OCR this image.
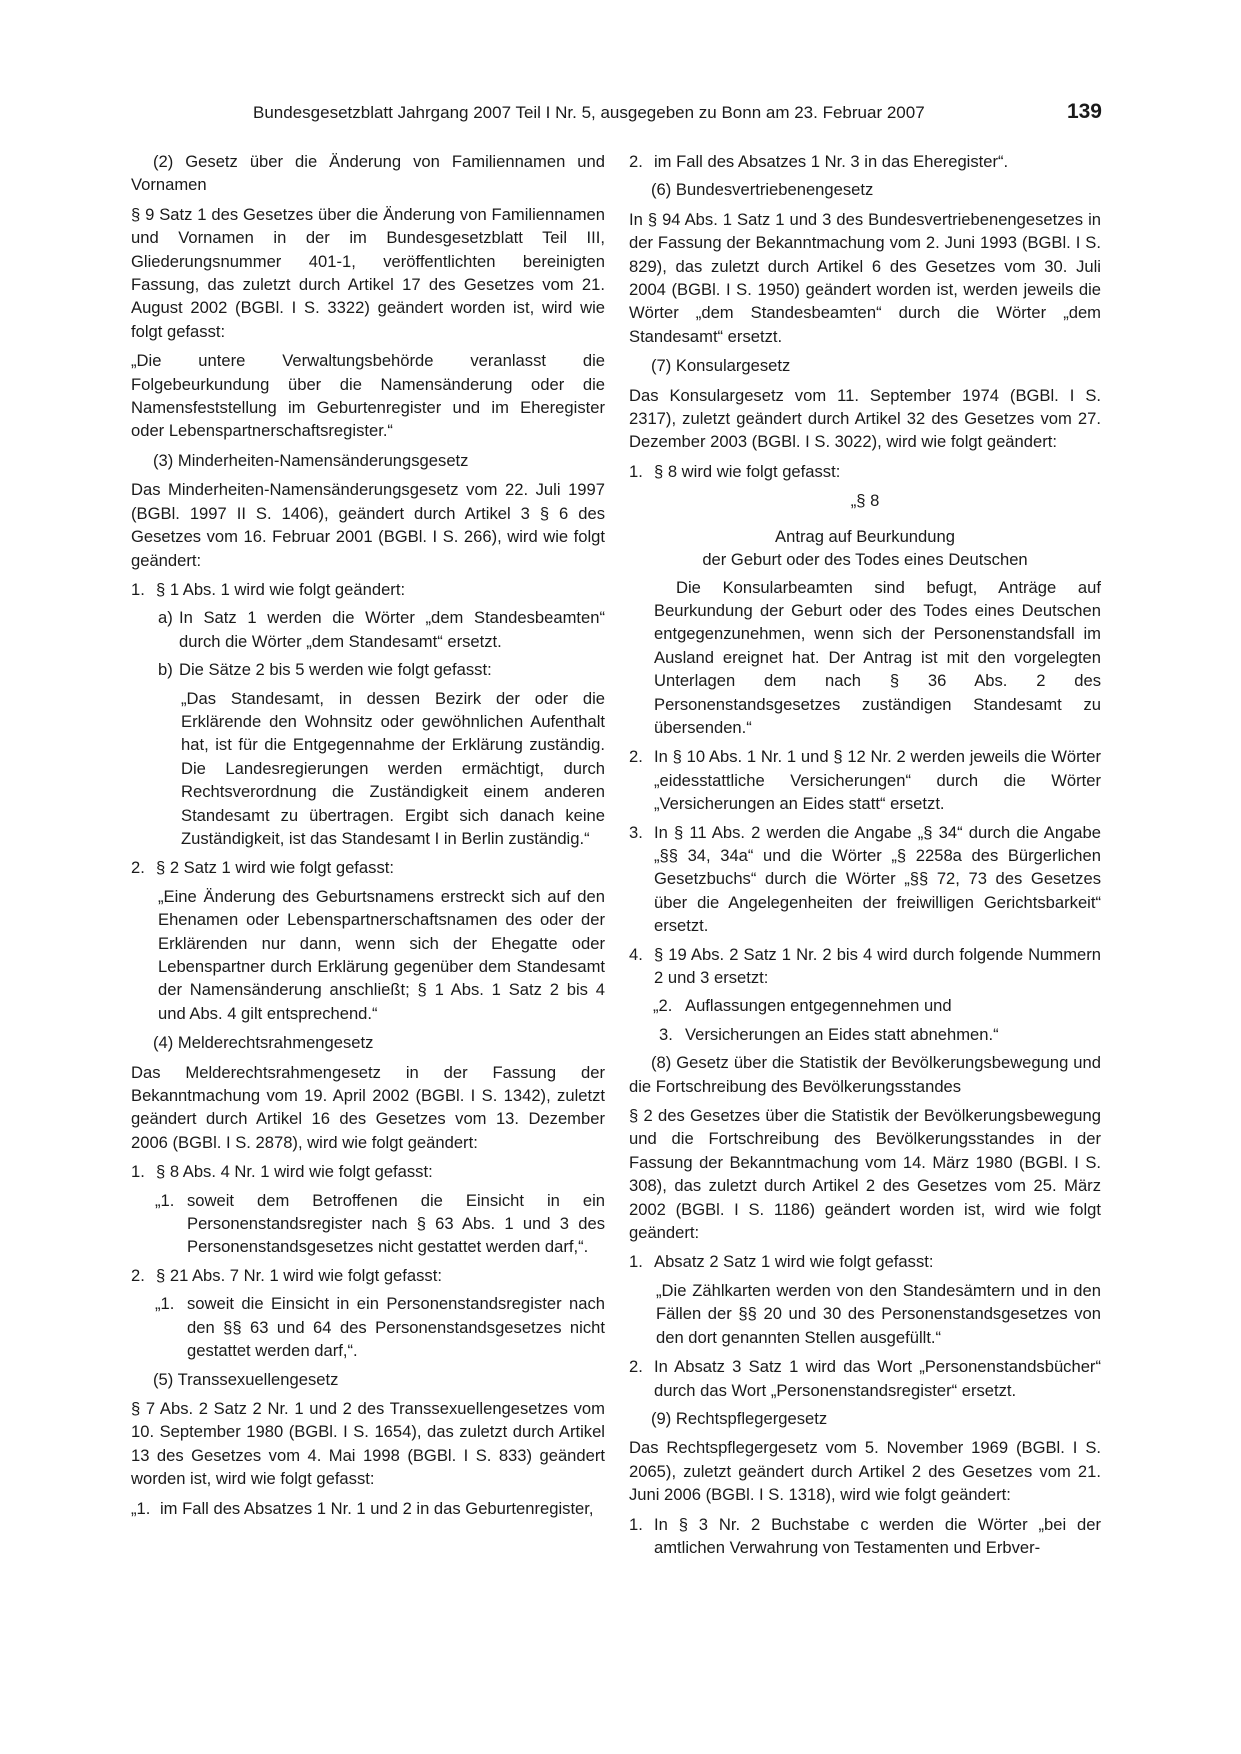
Bundesgesetzblatt Jahrgang 2007 Teil I Nr. 5, ausgegeben zu Bonn am 23. Februar 2007	139

(2) Gesetz über die Änderung von Familiennamen und Vornamen

§ 9 Satz 1 des Gesetzes über die Änderung von Familiennamen und Vornamen in der im Bundesgesetzblatt Teil III, Gliederungsnummer 401-1, veröffentlichten bereinigten Fassung, das zuletzt durch Artikel 17 des Gesetzes vom 21. August 2002 (BGBl. I S. 3322) geändert worden ist, wird wie folgt gefasst:

„Die untere Verwaltungsbehörde veranlasst die Folgebeurkundung über die Namensänderung oder die Namensfeststellung im Geburtenregister und im Eheregister oder Lebenspartnerschaftsregister.“

(3) Minderheiten-Namensänderungsgesetz

Das Minderheiten-Namensänderungsgesetz vom 22. Juli 1997 (BGBl. 1997 II S. 1406), geändert durch Artikel 3 § 6 des Gesetzes vom 16. Februar 2001 (BGBl. I S. 266), wird wie folgt geändert:

1. § 1 Abs. 1 wird wie folgt geändert:

a) In Satz 1 werden die Wörter „dem Standesbeamten“ durch die Wörter „dem Standesamt“ ersetzt.

b) Die Sätze 2 bis 5 werden wie folgt gefasst:

„Das Standesamt, in dessen Bezirk der oder die Erklärende den Wohnsitz oder gewöhnlichen Aufenthalt hat, ist für die Entgegennahme der Erklärung zuständig. Die Landesregierungen werden ermächtigt, durch Rechtsverordnung die Zuständigkeit einem anderen Standesamt zu übertragen. Ergibt sich danach keine Zuständigkeit, ist das Standesamt I in Berlin zuständig.“

2. § 2 Satz 1 wird wie folgt gefasst:

„Eine Änderung des Geburtsnamens erstreckt sich auf den Ehenamen oder Lebenspartnerschaftsnamen des oder der Erklärenden nur dann, wenn sich der Ehegatte oder Lebenspartner durch Erklärung gegenüber dem Standesamt der Namensänderung anschließt; § 1 Abs. 1 Satz 2 bis 4 und Abs. 4 gilt entsprechend.“

(4) Melderechtsrahmengesetz

Das Melderechtsrahmengesetz in der Fassung der Bekanntmachung vom 19. April 2002 (BGBl. I S. 1342), zuletzt geändert durch Artikel 16 des Gesetzes vom 13. Dezember 2006 (BGBl. I S. 2878), wird wie folgt geändert:

1. § 8 Abs. 4 Nr. 1 wird wie folgt gefasst:

„1. soweit dem Betroffenen die Einsicht in ein Personenstandsregister nach § 63 Abs. 1 und 3 des Personenstandsgesetzes nicht gestattet werden darf,“.

2. § 21 Abs. 7 Nr. 1 wird wie folgt gefasst:

„1. soweit die Einsicht in ein Personenstandsregister nach den §§ 63 und 64 des Personenstandsgesetzes nicht gestattet werden darf,“.

(5) Transsexuellengesetz

§ 7 Abs. 2 Satz 2 Nr. 1 und 2 des Transsexuellengesetzes vom 10. September 1980 (BGBl. I S. 1654), das zuletzt durch Artikel 13 des Gesetzes vom 4. Mai 1998 (BGBl. I S. 833) geändert worden ist, wird wie folgt gefasst:

„1. im Fall des Absatzes 1 Nr. 1 und 2 in das Geburtenregister,

2. im Fall des Absatzes 1 Nr. 3 in das Eheregister“.

(6) Bundesvertriebenengesetz

In § 94 Abs. 1 Satz 1 und 3 des Bundesvertriebenengesetzes in der Fassung der Bekanntmachung vom 2. Juni 1993 (BGBl. I S. 829), das zuletzt durch Artikel 6 des Gesetzes vom 30. Juli 2004 (BGBl. I S. 1950) geändert worden ist, werden jeweils die Wörter „dem Standesbeamten“ durch die Wörter „dem Standesamt“ ersetzt.

(7) Konsulargesetz

Das Konsulargesetz vom 11. September 1974 (BGBl. I S. 2317), zuletzt geändert durch Artikel 32 des Gesetzes vom 27. Dezember 2003 (BGBl. I S. 3022), wird wie folgt geändert:

1. § 8 wird wie folgt gefasst:

„§ 8

Antrag auf Beurkundung

der Geburt oder des Todes eines Deutschen

Die Konsularbeamten sind befugt, Anträge auf Beurkundung der Geburt oder des Todes eines Deutschen entgegenzunehmen, wenn sich der Personenstandsfall im Ausland ereignet hat. Der Antrag ist mit den vorgelegten Unterlagen dem nach § 36 Abs. 2 des Personenstandsgesetzes zuständigen Standesamt zu übersenden.“

2. In § 10 Abs. 1 Nr. 1 und § 12 Nr. 2 werden jeweils die Wörter „eidesstattliche Versicherungen“ durch die Wörter „Versicherungen an Eides statt“ ersetzt.

3. In § 11 Abs. 2 werden die Angabe „§ 34“ durch die Angabe „§§ 34, 34a“ und die Wörter „§ 2258a des Bürgerlichen Gesetzbuchs“ durch die Wörter „§§ 72, 73 des Gesetzes über die Angelegenheiten der freiwilligen Gerichtsbarkeit“ ersetzt.

4. § 19 Abs. 2 Satz 1 Nr. 2 bis 4 wird durch folgende Nummern 2 und 3 ersetzt:

„2. Auflassungen entgegennehmen und

3. Versicherungen an Eides statt abnehmen.“

(8) Gesetz über die Statistik der Bevölkerungsbewegung und die Fortschreibung des Bevölkerungsstandes

§ 2 des Gesetzes über die Statistik der Bevölkerungsbewegung und die Fortschreibung des Bevölkerungsstandes in der Fassung der Bekanntmachung vom 14. März 1980 (BGBl. I S. 308), das zuletzt durch Artikel 2 des Gesetzes vom 25. März 2002 (BGBl. I S. 1186) geändert worden ist, wird wie folgt geändert:

1. Absatz 2 Satz 1 wird wie folgt gefasst:

„Die Zählkarten werden von den Standesämtern und in den Fällen der §§ 20 und 30 des Personenstandsgesetzes von den dort genannten Stellen ausgefüllt.“

2. In Absatz 3 Satz 1 wird das Wort „Personenstandsbücher“ durch das Wort „Personenstandsregister“ ersetzt.

(9) Rechtspflegergesetz

Das Rechtspflegergesetz vom 5. November 1969 (BGBl. I S. 2065), zuletzt geändert durch Artikel 2 des Gesetzes vom 21. Juni 2006 (BGBl. I S. 1318), wird wie folgt geändert:

1. In § 3 Nr. 2 Buchstabe c werden die Wörter „bei der amtlichen Verwahrung von Testamenten und Erbver-
